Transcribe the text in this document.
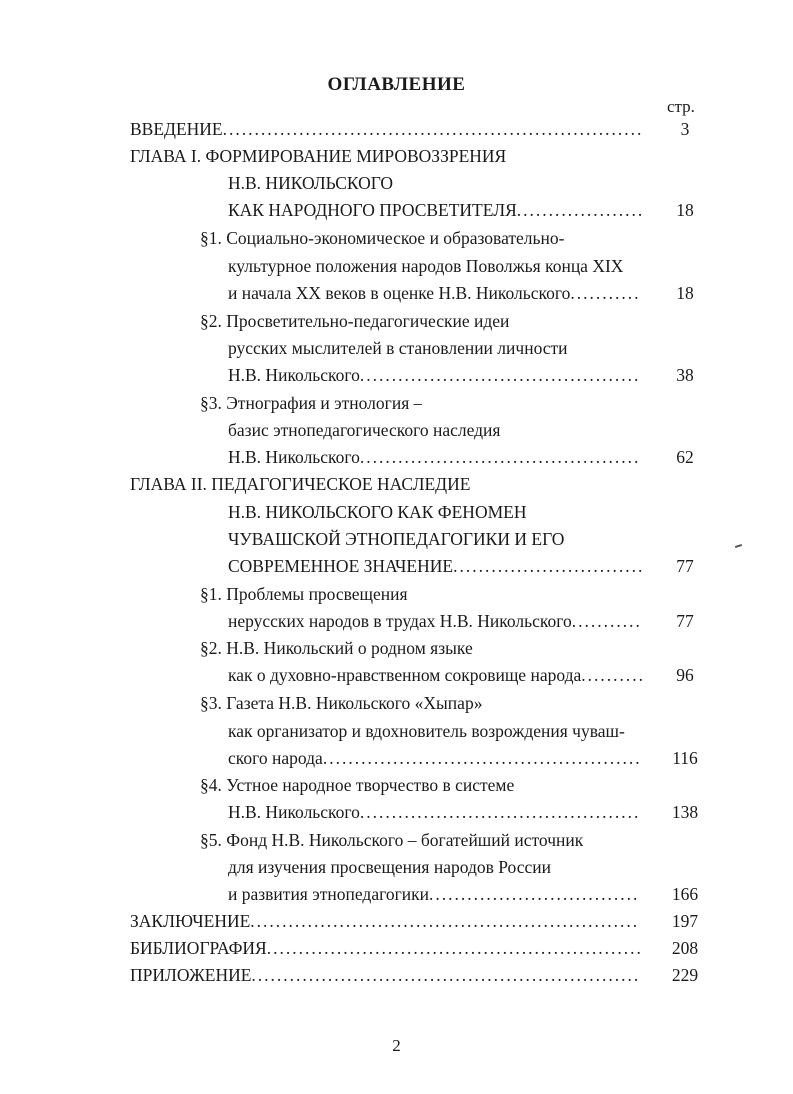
ОГЛАВЛЕНИЕ
стр.
ВВЕДЕНИЕ..................................................................	3
ГЛАВА I. ФОРМИРОВАНИЕ МИРОВОЗЗРЕНИЯ
Н.В. НИКОЛЬСКОГО
КАК НАРОДНОГО ПРОСВЕТИТЕЛЯ....................	18
§1. Социально-экономическое и образовательно-
культурное положения народов Поволжья конца XIX
и начала XX веков в оценке Н.В. Никольского...........	18
§2. Просветительно-педагогические идеи
русских мыслителей в становлении личности
Н.В. Никольского............................................	38
§3. Этнография и этнология –
базис этнопедагогического наследия
Н.В. Никольского............................................	62
ГЛАВА II. ПЕДАГОГИЧЕСКОЕ НАСЛЕДИЕ
Н.В. НИКОЛЬСКОГО КАК ФЕНОМЕН
ЧУВАШСКОЙ ЭТНОПЕДАГОГИКИ И ЕГО
СОВРЕМЕННОЕ ЗНАЧЕНИЕ..............................	77
§1. Проблемы просвещения
нерусских народов в трудах Н.В. Никольского...........	77
§2. Н.В. Никольский о родном языке
как о духовно-нравственном сокровище народа..........	96
§3. Газета Н.В. Никольского «Хыпар»
как организатор и вдохновитель возрождения чуваш-
ского народа..................................................	116
§4. Устное народное творчество в системе
Н.В. Никольского............................................	138
§5. Фонд Н.В. Никольского – богатейший источник
для изучения просвещения народов России
и развития этнопедагогики.................................	166
ЗАКЛЮЧЕНИЕ.............................................................	197
БИБЛИОГРАФИЯ...........................................................	208
ПРИЛОЖЕНИЕ.............................................................	229
2
